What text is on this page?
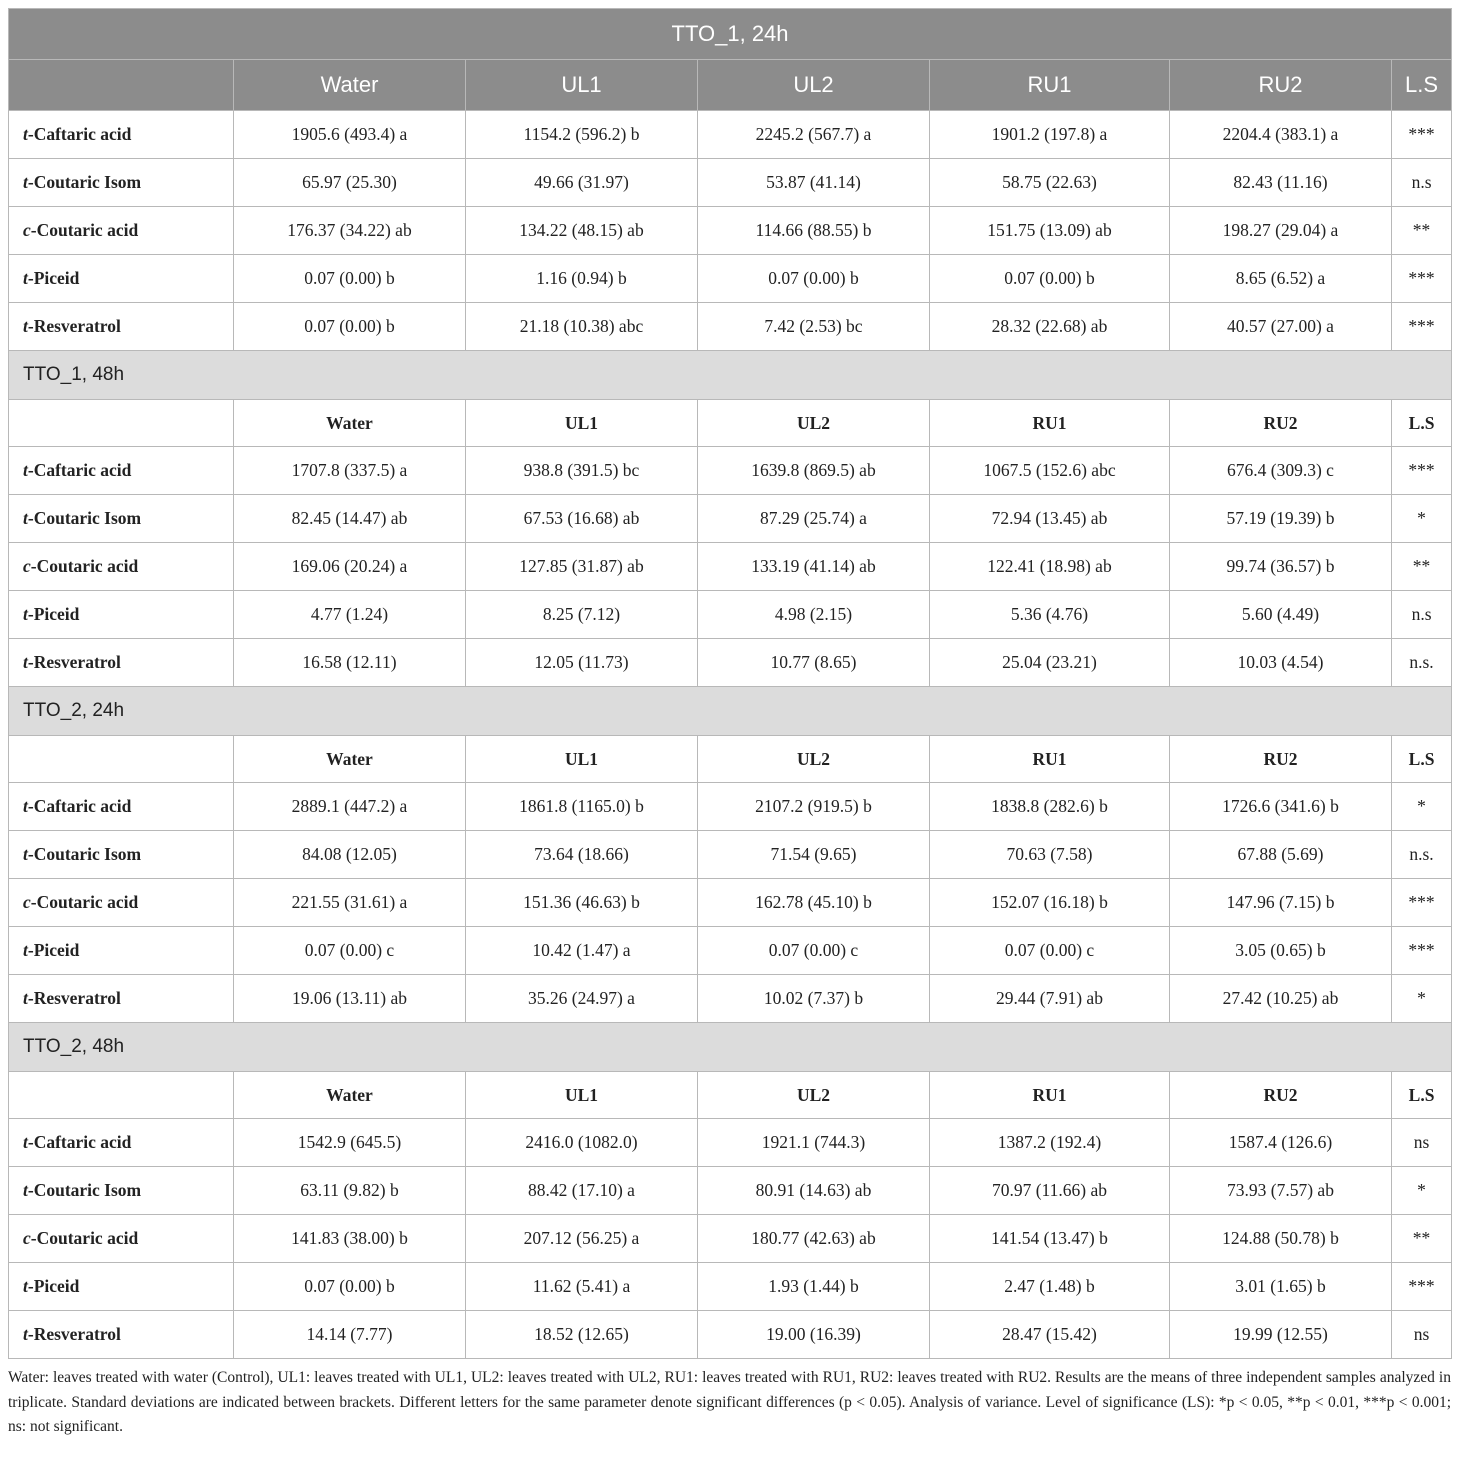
TTO_1, 24h						
	Water	UL1	UL2	RU1	RU2	L.S
t-Caftaric acid	1905.6 (493.4) a	1154.2 (596.2) b	2245.2 (567.7) a	1901.2 (197.8) a	2204.4 (383.1) a	***
t-Coutaric Isom	65.97 (25.30)	49.66 (31.97)	53.87 (41.14)	58.75 (22.63)	82.43 (11.16)	n.s
c-Coutaric acid	176.37 (34.22) ab	134.22 (48.15) ab	114.66 (88.55) b	151.75 (13.09) ab	198.27 (29.04) a	**
t-Piceid	0.07 (0.00) b	1.16 (0.94) b	0.07 (0.00) b	0.07 (0.00) b	8.65 (6.52) a	***
t-Resveratrol	0.07 (0.00) b	21.18 (10.38) abc	7.42 (2.53) bc	28.32 (22.68) ab	40.57 (27.00) a	***
TTO_1, 48h						
	Water	UL1	UL2	RU1	RU2	L.S
t-Caftaric acid	1707.8 (337.5) a	938.8 (391.5) bc	1639.8 (869.5) ab	1067.5 (152.6) abc	676.4 (309.3) c	***
t-Coutaric Isom	82.45 (14.47) ab	67.53 (16.68) ab	87.29 (25.74) a	72.94 (13.45) ab	57.19 (19.39) b	*
c-Coutaric acid	169.06 (20.24) a	127.85 (31.87) ab	133.19 (41.14) ab	122.41 (18.98) ab	99.74 (36.57) b	**
t-Piceid	4.77 (1.24)	8.25 (7.12)	4.98 (2.15)	5.36 (4.76)	5.60 (4.49)	n.s
t-Resveratrol	16.58 (12.11)	12.05 (11.73)	10.77 (8.65)	25.04 (23.21)	10.03 (4.54)	n.s.
TTO_2, 24h						
	Water	UL1	UL2	RU1	RU2	L.S
t-Caftaric acid	2889.1 (447.2) a	1861.8 (1165.0) b	2107.2 (919.5) b	1838.8 (282.6) b	1726.6 (341.6) b	*
t-Coutaric Isom	84.08 (12.05)	73.64 (18.66)	71.54 (9.65)	70.63 (7.58)	67.88 (5.69)	n.s.
c-Coutaric acid	221.55 (31.61) a	151.36 (46.63) b	162.78 (45.10) b	152.07 (16.18) b	147.96 (7.15) b	***
t-Piceid	0.07 (0.00) c	10.42 (1.47) a	0.07 (0.00) c	0.07 (0.00) c	3.05 (0.65) b	***
t-Resveratrol	19.06 (13.11) ab	35.26 (24.97) a	10.02 (7.37) b	29.44 (7.91) ab	27.42 (10.25) ab	*
TTO_2, 48h						
	Water	UL1	UL2	RU1	RU2	L.S
t-Caftaric acid	1542.9 (645.5)	2416.0 (1082.0)	1921.1 (744.3)	1387.2 (192.4)	1587.4 (126.6)	ns
t-Coutaric Isom	63.11 (9.82) b	88.42 (17.10) a	80.91 (14.63) ab	70.97 (11.66) ab	73.93 (7.57) ab	*
c-Coutaric acid	141.83 (38.00) b	207.12 (56.25) a	180.77 (42.63) ab	141.54 (13.47) b	124.88 (50.78) b	**
t-Piceid	0.07 (0.00) b	11.62 (5.41) a	1.93 (1.44) b	2.47 (1.48) b	3.01 (1.65) b	***
t-Resveratrol	14.14 (7.77)	18.52 (12.65)	19.00 (16.39)	28.47 (15.42)	19.99 (12.55)	ns
Water: leaves treated with water (Control), UL1: leaves treated with UL1, UL2: leaves treated with UL2, RU1: leaves treated with RU1, RU2: leaves treated with RU2. Results are the means of three independent samples analyzed in triplicate. Standard deviations are indicated between brackets. Different letters for the same parameter denote significant differences (p < 0.05). Analysis of variance. Level of significance (LS): *p < 0.05, **p < 0.01, ***p < 0.001; ns: not significant.
